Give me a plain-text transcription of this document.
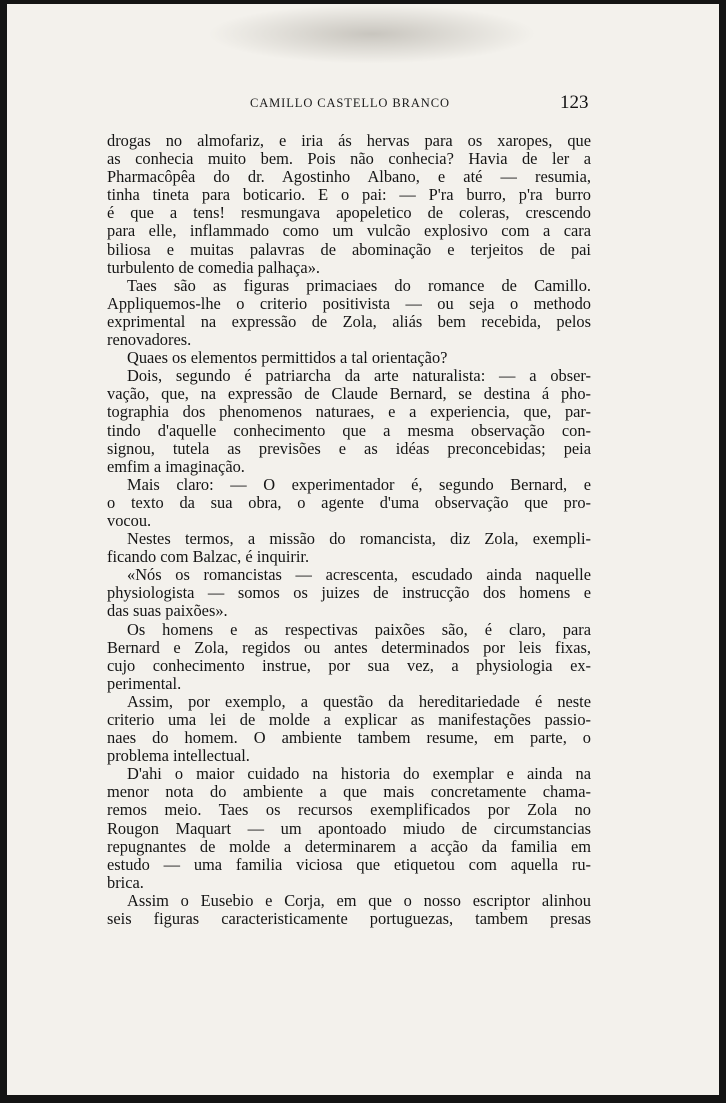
CAMILLO CASTELLO BRANCO	123
drogas no almofariz, e iria ás hervas para os xaropes, que
as conhecia muito bem. Pois não conhecia? Havia de ler a
Pharmacôpêa do dr. Agostinho Albano, e até — resumia,
tinha tineta para boticario. E o pai: — P'ra burro, p'ra burro
é que a tens! resmungava apopeletico de coleras, crescendo
para elle, inflammado como um vulcão explosivo com a cara
biliosa e muitas palavras de abominação e terjeitos de pai
turbulento de comedia palhaça».
Taes são as figuras primaciaes do romance de Camillo.
Appliquemos-lhe o criterio positivista — ou seja o methodo
exprimental na expressão de Zola, aliás bem recebida, pelos
renovadores.
Quaes os elementos permittidos a tal orientação?
Dois, segundo é patriarcha da arte naturalista: — a obser-
vação, que, na expressão de Claude Bernard, se destina á pho-
tographia dos phenomenos naturaes, e a experiencia, que, par-
tindo d'aquelle conhecimento que a mesma observação con-
signou, tutela as previsões e as idéas preconcebidas; peia
emfim a imaginação.
Mais claro: — O experimentador é, segundo Bernard, e
o texto da sua obra, o agente d'uma observação que pro-
vocou.
Nestes termos, a missão do romancista, diz Zola, exempli-
ficando com Balzac, é inquirir.
«Nós os romancistas — acrescenta, escudado ainda naquelle
physiologista — somos os juizes de instrucção dos homens e
das suas paixões».
Os homens e as respectivas paixões são, é claro, para
Bernard e Zola, regidos ou antes determinados por leis fixas,
cujo conhecimento instrue, por sua vez, a physiologia ex-
perimental.
Assim, por exemplo, a questão da hereditariedade é neste
criterio uma lei de molde a explicar as manifestações passio-
naes do homem. O ambiente tambem resume, em parte, o
problema intellectual.
D'ahi o maior cuidado na historia do exemplar e ainda na
menor nota do ambiente a que mais concretamente chama-
remos meio. Taes os recursos exemplificados por Zola no
Rougon Maquart — um apontoado miudo de circumstancias
repugnantes de molde a determinarem a acção da familia em
estudo — uma familia viciosa que etiquetou com aquella ru-
brica.
Assim o Eusebio e Corja, em que o nosso escriptor alinhou
seis figuras caracteristicamente portuguezas, tambem presas
